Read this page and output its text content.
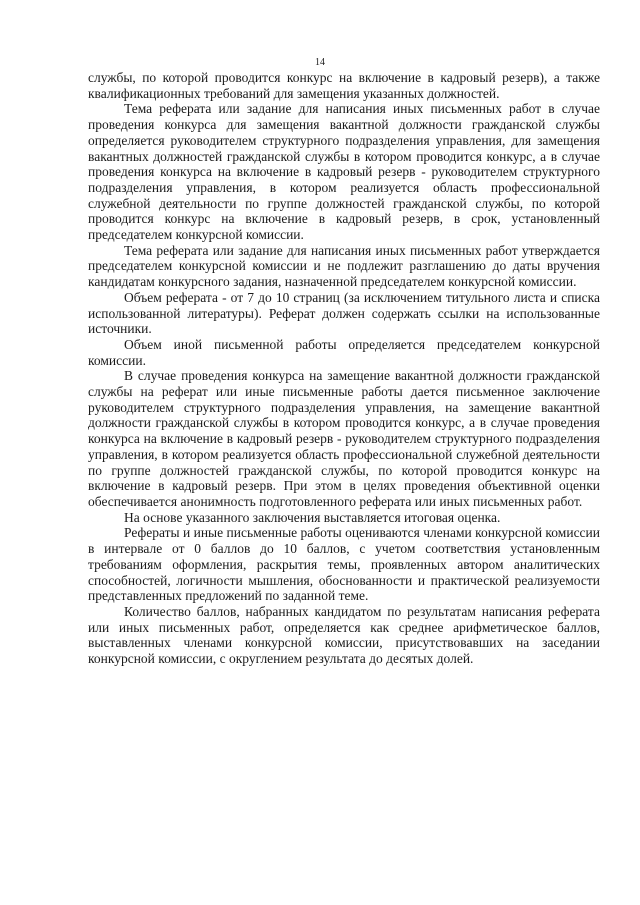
14

службы, по которой проводится конкурс на включение в кадровый резерв), а также квалификационных требований для замещения указанных должностей.

Тема реферата или задание для написания иных письменных работ в случае проведения конкурса для замещения вакантной должности гражданской службы определяется руководителем структурного подразделения управления, для замещения вакантных должностей гражданской службы в котором проводится конкурс, а в случае проведения конкурса на включение в кадровый резерв - руководителем структурного подразделения управления, в котором реализуется область профессиональной служебной деятельности по группе должностей гражданской службы, по которой проводится конкурс на включение в кадровый резерв, в срок, установленный председателем конкурсной комиссии.

Тема реферата или задание для написания иных письменных работ утверждается председателем конкурсной комиссии и не подлежит разглашению до даты вручения кандидатам конкурсного задания, назначенной председателем конкурсной комиссии.

Объем реферата - от 7 до 10 страниц (за исключением титульного листа и списка использованной литературы). Реферат должен содержать ссылки на использованные источники.

Объем иной письменной работы определяется председателем конкурсной комиссии.

В случае проведения конкурса на замещение вакантной должности гражданской службы на реферат или иные письменные работы дается письменное заключение руководителем структурного подразделения управления, на замещение вакантной должности гражданской службы в котором проводится конкурс, а в случае проведения конкурса на включение в кадровый резерв - руководителем структурного подразделения управления, в котором реализуется область профессиональной служебной деятельности по группе должностей гражданской службы, по которой проводится конкурс на включение в кадровый резерв. При этом в целях проведения объективной оценки обеспечивается анонимность подготовленного реферата или иных письменных работ.

На основе указанного заключения выставляется итоговая оценка.

Рефераты и иные письменные работы оцениваются членами конкурсной комиссии в интервале от 0 баллов до 10 баллов, с учетом соответствия установленным требованиям оформления, раскрытия темы, проявленных автором аналитических способностей, логичности мышления, обоснованности и практической реализуемости представленных предложений по заданной теме.

Количество баллов, набранных кандидатом по результатам написания реферата или иных письменных работ, определяется как среднее арифметическое баллов, выставленных членами конкурсной комиссии, присутствовавших на заседании конкурсной комиссии, с округлением результата до десятых долей.
